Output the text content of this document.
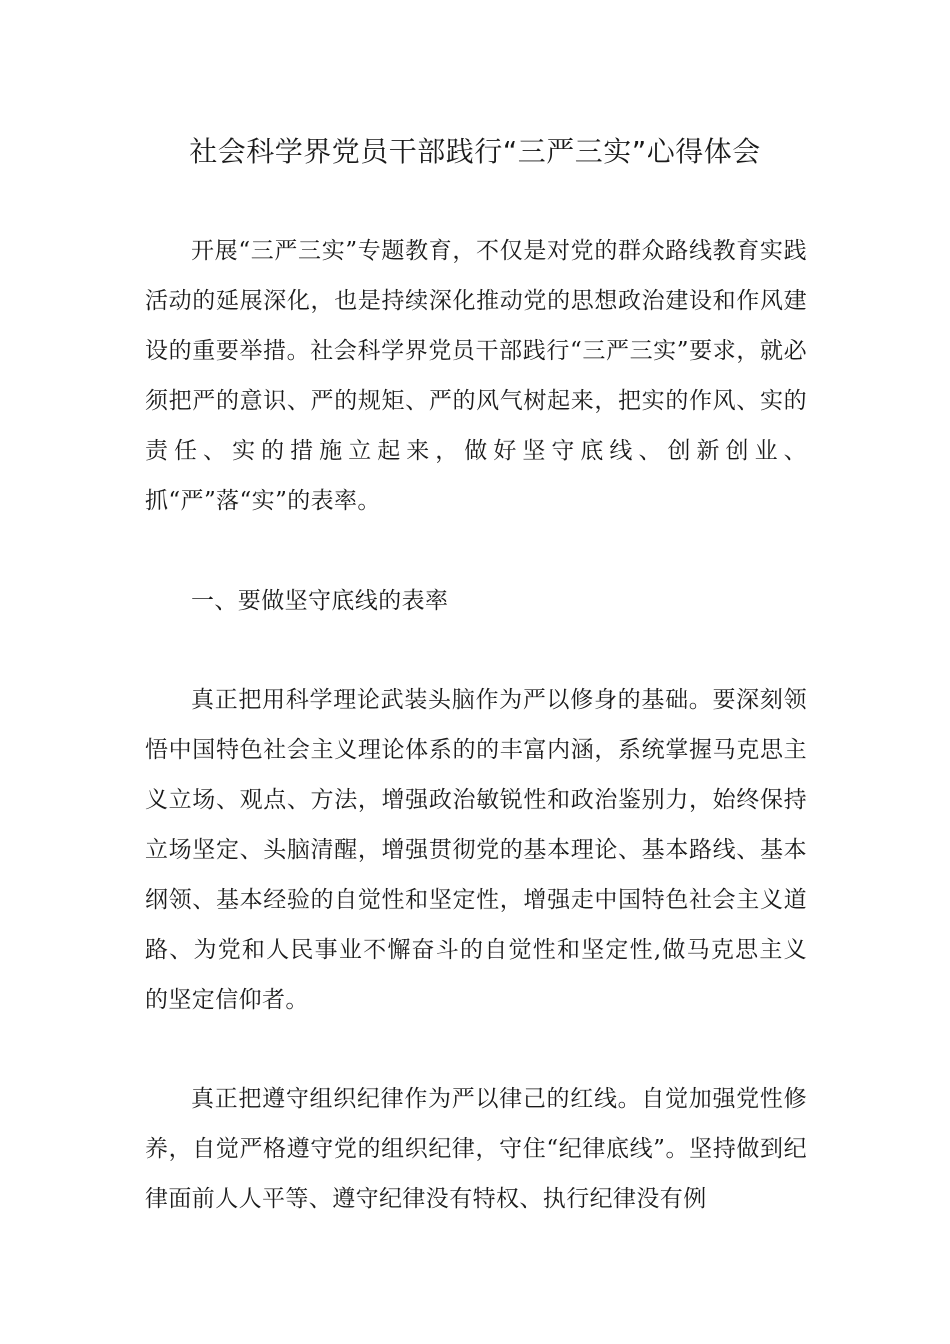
社会科学界党员干部践行“三严三实”心得体会

开展“三严三实”专题教育，不仅是对党的群众路线教育实践活动的延展深化，也是持续深化推动党的思想政治建设和作风建设的重要举措。社会科学界党员干部践行“三严三实”要求，就必须把严的意识、严的规矩、严的风气树起来，把实的作风、实的责任、实的措施立起来，做好坚守底线、创新创业、抓“严”落“实”的表率。

一、要做坚守底线的表率

真正把用科学理论武装头脑作为严以修身的基础。要深刻领悟中国特色社会主义理论体系的的丰富内涵，系统掌握马克思主义立场、观点、方法，增强政治敏锐性和政治鉴别力，始终保持立场坚定、头脑清醒，增强贯彻党的基本理论、基本路线、基本纲领、基本经验的自觉性和坚定性，增强走中国特色社会主义道路、为党和人民事业不懈奋斗的自觉性和坚定性,做马克思主义的坚定信仰者。

真正把遵守组织纪律作为严以律己的红线。自觉加强党性修养，自觉严格遵守党的组织纪律，守住“纪律底线”。坚持做到纪律面前人人平等、遵守纪律没有特权、执行纪律没有例
